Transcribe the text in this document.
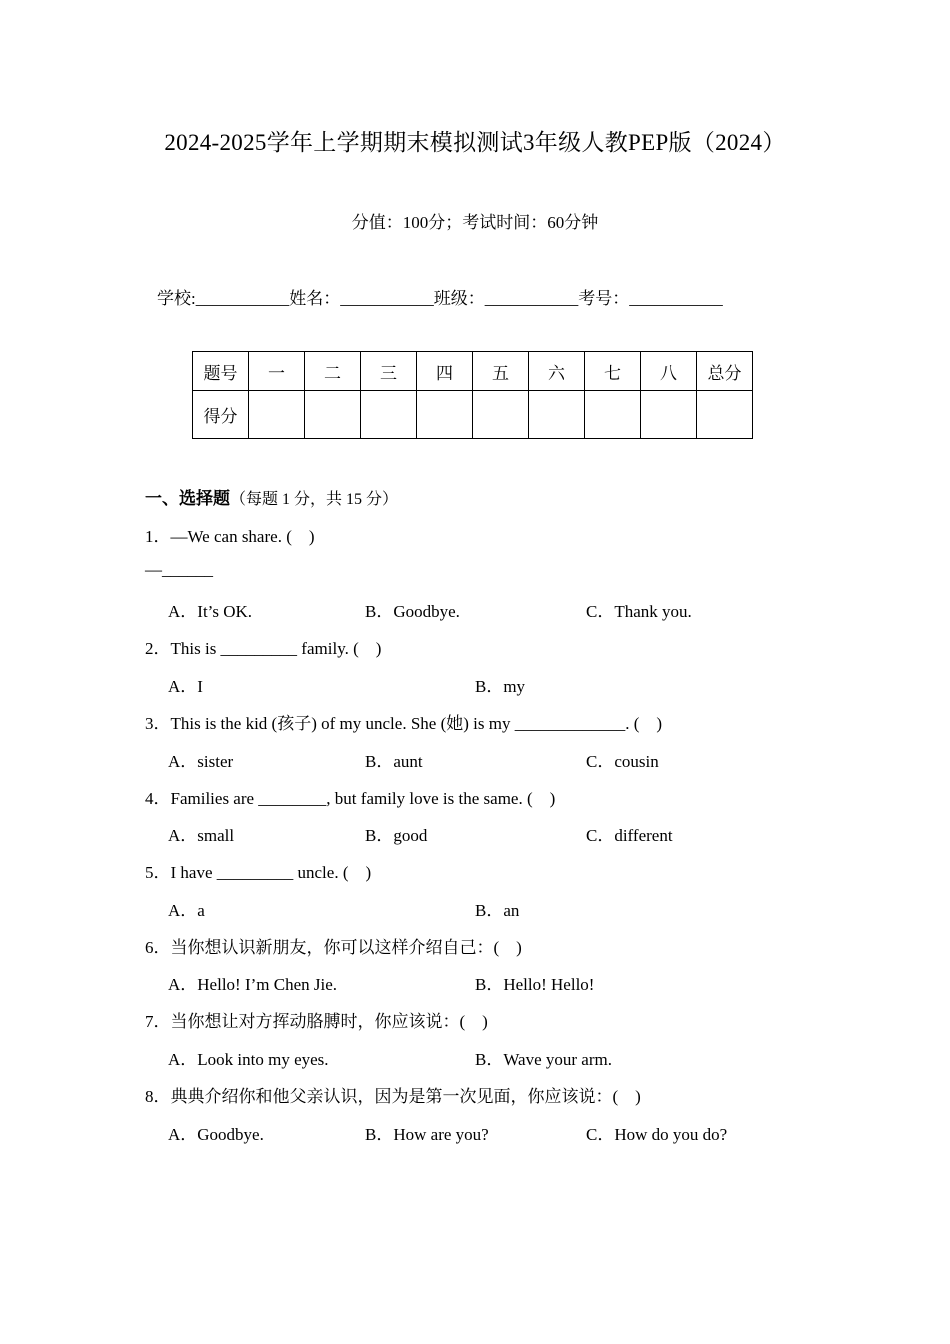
2024-2025学年上学期期末模拟测试3年级人教PEP版（2024）
分值：100分；考试时间：60分钟
学校:___________姓名：___________班级：___________考号：___________
题号	一	二	三	四	五	六	七	八	总分
得分									
一、选择题（每题 1 分，共 15 分）
1．—We can share. (    )
—______
A．It’s OK.	B．Goodbye.	C．Thank you.
2．This is _________ family. (    )
A．I	B．my
3．This is the kid (孩子) of my uncle. She (她) is my _____________. (    )
A．sister	B．aunt	C．cousin
4．Families are ________, but family love is the same. (    )
A．small	B．good	C．different
5．I have _________ uncle. (    )
A．a	B．an
6．当你想认识新朋友，你可以这样介绍自己：(    )
A．Hello! I’m Chen Jie.	B．Hello! Hello!
7．当你想让对方挥动胳膊时，你应该说：(    )
A．Look into my eyes.	B．Wave your arm.
8．典典介绍你和他父亲认识，因为是第一次见面，你应该说：(    )
A．Goodbye.	B．How are you?	C．How do you do?
